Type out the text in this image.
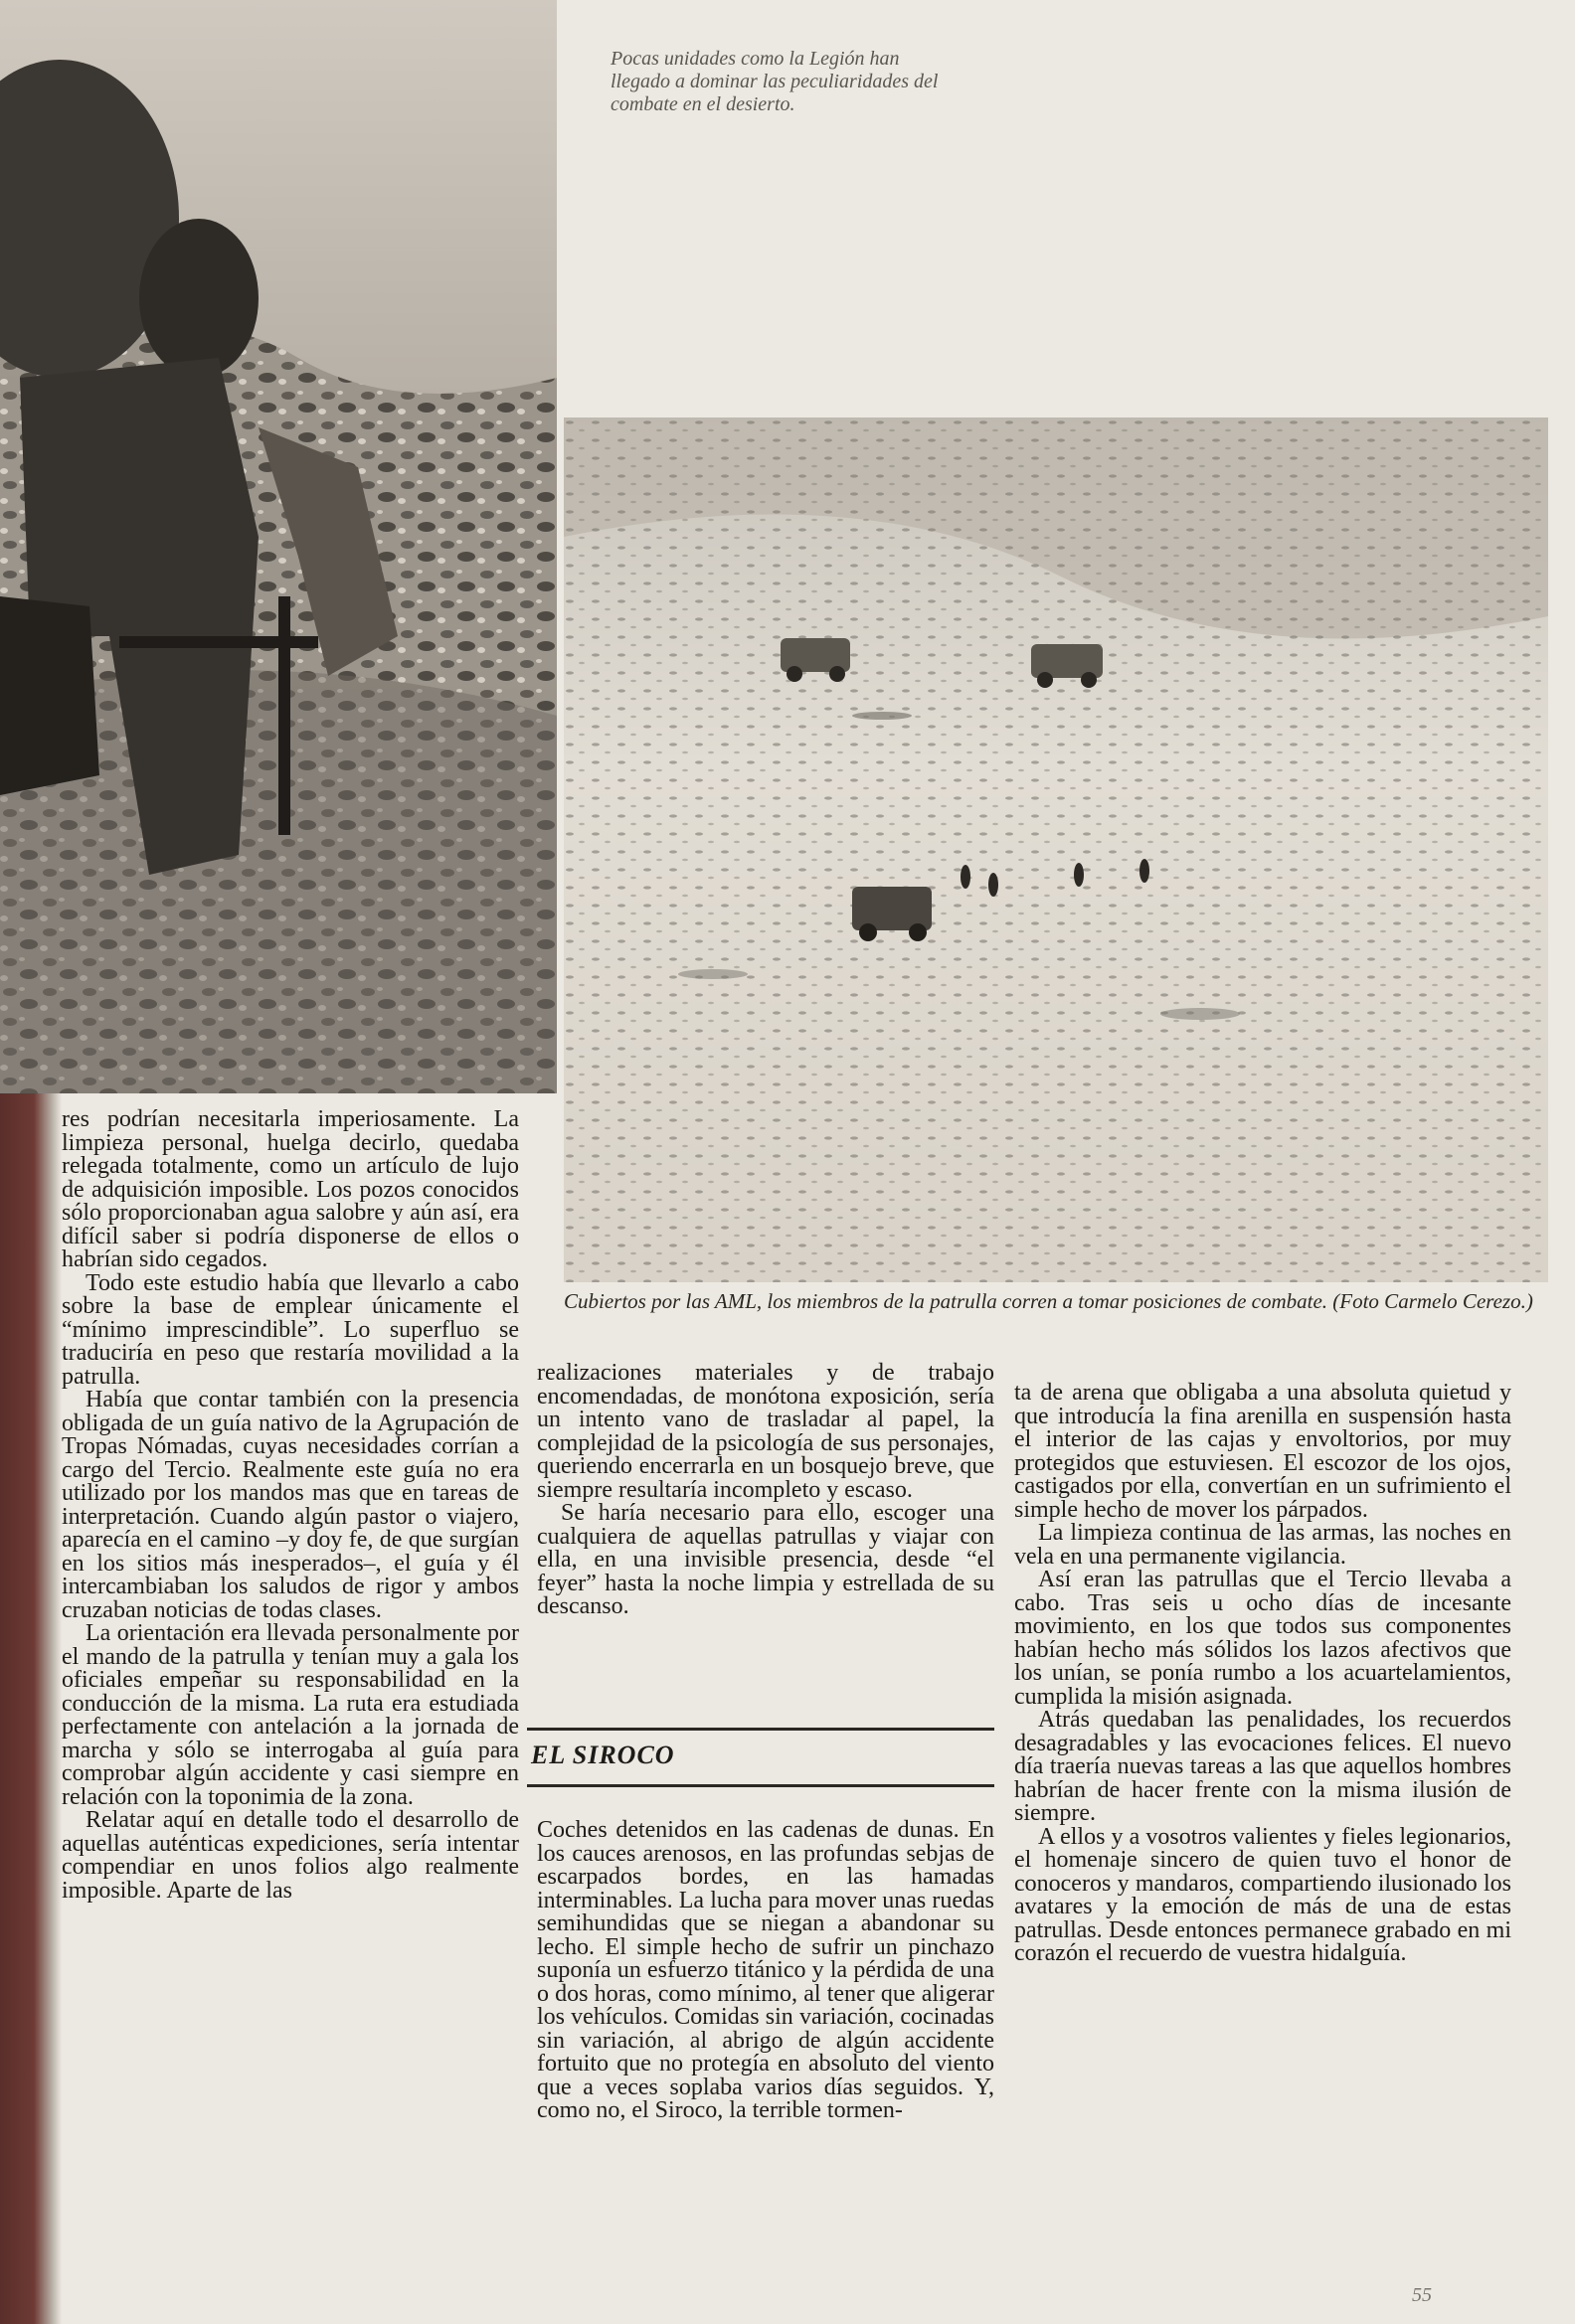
Pocas unidades como la Legión han llegado a dominar las peculiaridades del combate en el desierto.
Cubiertos por las AML, los miembros de la patrulla corren a tomar posiciones de combate. (Foto Carmelo Cerezo.)

res podrían necesitarla imperiosamente. La limpieza personal, huelga decirlo, quedaba relegada totalmente, como un artículo de lujo de adquisición imposible. Los pozos conocidos sólo proporcionaban agua salobre y aún así, era difícil saber si podría disponerse de ellos o habrían sido cegados.

Todo este estudio había que llevarlo a cabo sobre la base de emplear únicamente el “mínimo imprescindible”. Lo superfluo se traduciría en peso que restaría movilidad a la patrulla.

Había que contar también con la presencia obligada de un guía nativo de la Agrupación de Tropas Nómadas, cuyas necesidades corrían a cargo del Tercio. Realmente este guía no era utilizado por los mandos mas que en tareas de interpretación. Cuando algún pastor o viajero, aparecía en el camino –y doy fe, de que surgían en los sitios más inesperados–, el guía y él intercambiaban los saludos de rigor y ambos cruzaban noticias de todas clases.

La orientación era llevada personalmente por el mando de la patrulla y tenían muy a gala los oficiales empeñar su responsabilidad en la conducción de la misma. La ruta era estudiada perfectamente con antelación a la jornada de marcha y sólo se interrogaba al guía para comprobar algún accidente y casi siempre en relación con la toponimia de la zona.

Relatar aquí en detalle todo el desarrollo de aquellas auténticas expediciones, sería intentar compendiar en unos folios algo realmente imposible. Aparte de las

realizaciones materiales y de trabajo encomendadas, de monótona exposición, sería un intento vano de trasladar al papel, la complejidad de la psicología de sus personajes, queriendo encerrarla en un bosquejo breve, que siempre resultaría incompleto y escaso.

Se haría necesario para ello, escoger una cualquiera de aquellas patrullas y viajar con ella, en una invisible presencia, desde “el feyer” hasta la noche limpia y estrellada de su descanso.

EL SIROCO

Coches detenidos en las cadenas de dunas. En los cauces arenosos, en las profundas sebjas de escarpados bordes, en las hamadas interminables. La lucha para mover unas ruedas semihundidas que se niegan a abandonar su lecho. El simple hecho de sufrir un pinchazo suponía un esfuerzo titánico y la pérdida de una o dos horas, como mínimo, al tener que aligerar los vehículos. Comidas sin variación, cocinadas sin variación, al abrigo de algún accidente fortuito que no protegía en absoluto del viento que a veces soplaba varios días seguidos. Y, como no, el Siroco, la terrible tormen-

ta de arena que obligaba a una absoluta quietud y que introducía la fina arenilla en suspensión hasta el interior de las cajas y envoltorios, por muy protegidos que estuviesen. El escozor de los ojos, castigados por ella, convertían en un sufrimiento el simple hecho de mover los párpados.

La limpieza continua de las armas, las noches en vela en una permanente vigilancia.

Así eran las patrullas que el Tercio llevaba a cabo. Tras seis u ocho días de incesante movimiento, en los que todos sus componentes habían hecho más sólidos los lazos afectivos que los unían, se ponía rumbo a los acuartelamientos, cumplida la misión asignada.

Atrás quedaban las penalidades, los recuerdos desagradables y las evocaciones felices. El nuevo día traería nuevas tareas a las que aquellos hombres habrían de hacer frente con la misma ilusión de siempre.

A ellos y a vosotros valientes y fieles legionarios, el homenaje sincero de quien tuvo el honor de conoceros y mandaros, compartiendo ilusionado los avatares y la emoción de más de una de estas patrullas. Desde entonces permanece grabado en mi corazón el recuerdo de vuestra hidalguía.

55
